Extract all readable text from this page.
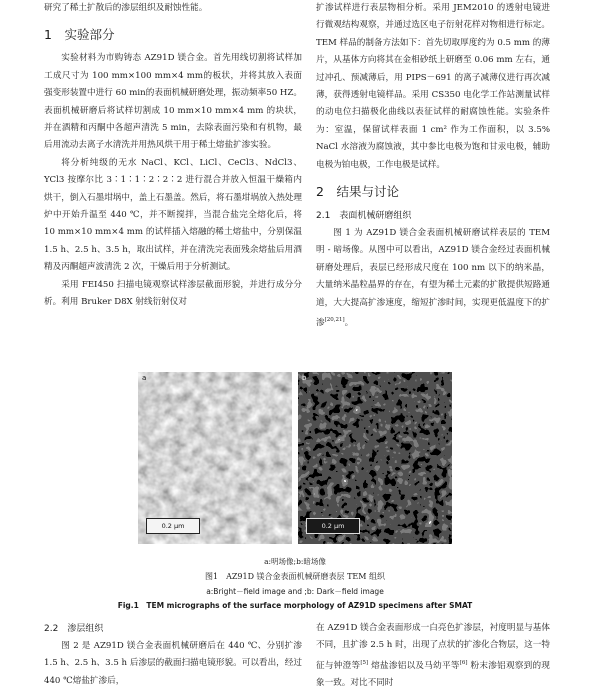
研究了稀土扩散后的渗层组织及耐蚀性能。

1　实验部分

实验材料为市购铸态 AZ91D 镁合金。首先用线切割将试样加工成尺寸为 100 mm×100 mm×4 mm的板状，并将其放入表面强变形装置中进行 60 min的表面机械研磨处理，振动频率50 HZ。表面机械研磨后将试样切割成 10 mm×10 mm×4 mm 的块状，并在酒精和丙酮中各超声清洗 5 min，去除表面污染和有机物，最后用流动去离子水清洗并用热风烘干用于稀土熔盐扩渗实验。

将分析纯级的无水 NaCl、KCl、LiCl、CeCl3、NdCl3、YCl3 按摩尔比 3∶1∶1∶2∶2∶2 进行混合并放入恒温干燥箱内烘干，倒入石墨坩埚中，盖上石墨盖。然后，将石墨坩埚放入热处理炉中开始升温至 440 ℃，并不断搅拌，当混合盐完全熔化后，将 10 mm×10 mm×4 mm 的试样插入熔融的稀土熔盐中，分别保温 1.5 h、2.5 h、3.5 h，取出试样，并在清洗完表面残余熔盐后用酒精及丙酮超声波清洗 2 次，干燥后用于分析测试。

采用 FEI450 扫描电镜观察试样渗层截面形貌，并进行成分分析。利用 Bruker D8X 射线衍射仪对

扩渗试样进行表层物相分析。采用 JEM2010 的透射电镜进行微观结构观察，并通过选区电子衍射花样对物相进行标定。TEM 样品的制备方法如下：首先切取厚度约为 0.5 mm 的薄片，从基体方向将其在金相砂纸上研磨至 0.06 mm 左右，通过冲孔、预减薄后，用 PIPS－691 的离子减薄仪进行再次减薄，获得透射电镜样品。采用 CS350 电化学工作站测量试样的动电位扫描极化曲线以表征试样的耐腐蚀性能。实验条件为：室温，保留试样表面 1 cm² 作为工作面积，以 3.5% NaCl 水溶液为腐蚀液，其中参比电极为饱和甘汞电极，辅助电极为铂电极，工作电极是试样。

2　结果与讨论
2.1　表面机械研磨组织

图 1 为 AZ91D 镁合金表面机械研磨试样表层的 TEM 明 - 暗场像。从图中可以看出，AZ91D 镁合金经过表面机械研磨处理后，表层已经形成尺度在 100 nm 以下的纳米晶，大量纳米晶粒晶界的存在，有望为稀土元素的扩散提供短路通道，大大提高扩渗速度，缩短扩渗时间，实现更低温度下的扩渗[20,21]。

a
0.2 μm
b
0.2 μm
a:明场像;b:暗场像
图1　AZ91D 镁合金表面机械研磨表层 TEM 组织
a:Bright－field image and ;b: Dark－field image
Fig.1　TEM micrographs of the surface morphology of AZ91D specimens after SMAT
2.2　渗层组织

图 2 是 AZ91D 镁合金表面机械研磨后在 440 ℃、分别扩渗 1.5 h、2.5 h、3.5 h 后渗层的截面扫描电镜形貌。可以看出，经过440 ℃熔盐扩渗后，

在 AZ91D 镁合金表面形成一白亮色扩渗层，衬度明显与基体不同，且扩渗 2.5 h 时，出现了点状的扩渗化合物层，这一特征与钟澄等[5] 熔盐渗铝以及马幼平等[6] 粉末渗铝观察到的现象一致。对比不同时
